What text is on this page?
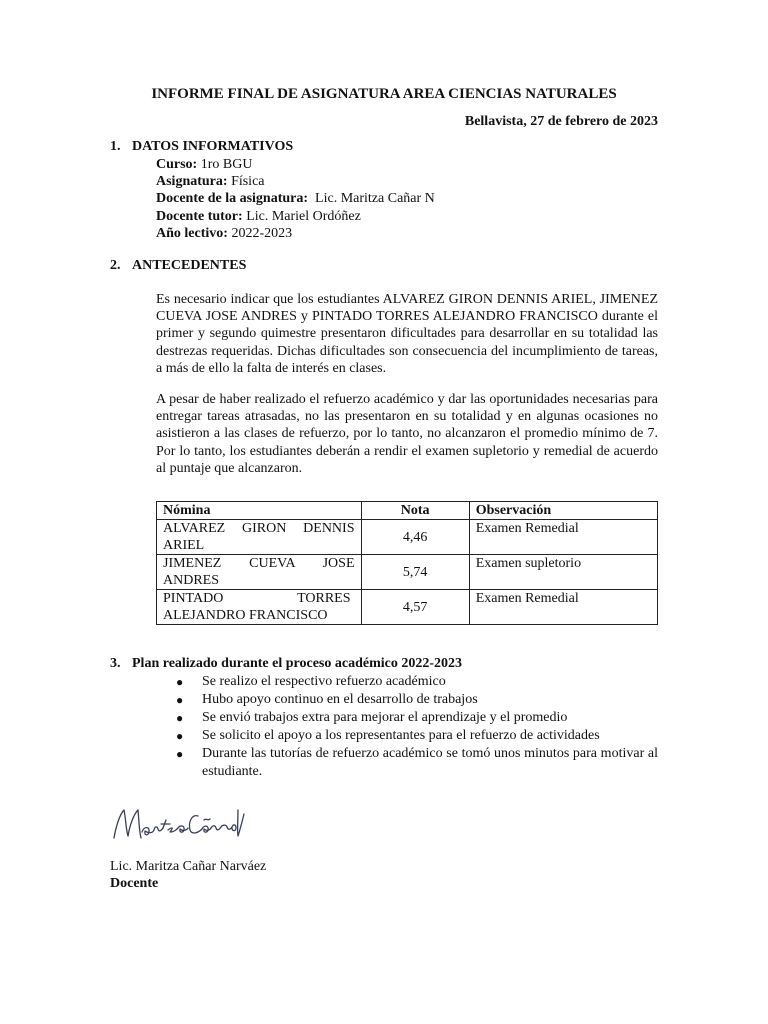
INFORME FINAL DE ASIGNATURA AREA CIENCIAS NATURALES
Bellavista, 27 de febrero de 2023
1. DATOS INFORMATIVOS
Curso: 1ro BGU
Asignatura: Física
Docente de la asignatura:  Lic. Maritza Cañar N
Docente tutor: Lic. Mariel Ordóñez
Año lectivo: 2022-2023
2. ANTECEDENTES
Es necesario indicar que los estudiantes ALVAREZ GIRON DENNIS ARIEL, JIMENEZ CUEVA JOSE ANDRES y PINTADO TORRES ALEJANDRO FRANCISCO durante el primer y segundo quimestre presentaron dificultades para desarrollar en su totalidad las destrezas requeridas. Dichas dificultades son consecuencia del incumplimiento de tareas, a más de ello la falta de interés en clases.
A pesar de haber realizado el refuerzo académico y dar las oportunidades necesarias para entregar tareas atrasadas, no las presentaron en su totalidad y en algunas ocasiones no asistieron a las clases de refuerzo, por lo tanto, no alcanzaron el promedio mínimo de 7. Por lo tanto, los estudiantes deberán a rendir el examen supletorio y remedial de acuerdo al puntaje que alcanzaron.
Nómina	Nota	Observación
ALVAREZ GIRON DENNIS ARIEL	4,46	Examen Remedial
JIMENEZ CUEVA JOSE ANDRES	5,74	Examen supletorio
PINTADO TORRES ALEJANDRO FRANCISCO	4,57	Examen Remedial
3. Plan realizado durante el proceso académico 2022-2023
● Se realizo el respectivo refuerzo académico
● Hubo apoyo continuo en el desarrollo de trabajos
● Se envió trabajos extra para mejorar el aprendizaje y el promedio
● Se solicito el apoyo a los representantes para el refuerzo de actividades
● Durante las tutorías de refuerzo académico se tomó unos minutos para motivar al estudiante.
Lic. Maritza Cañar Narváez
Docente
